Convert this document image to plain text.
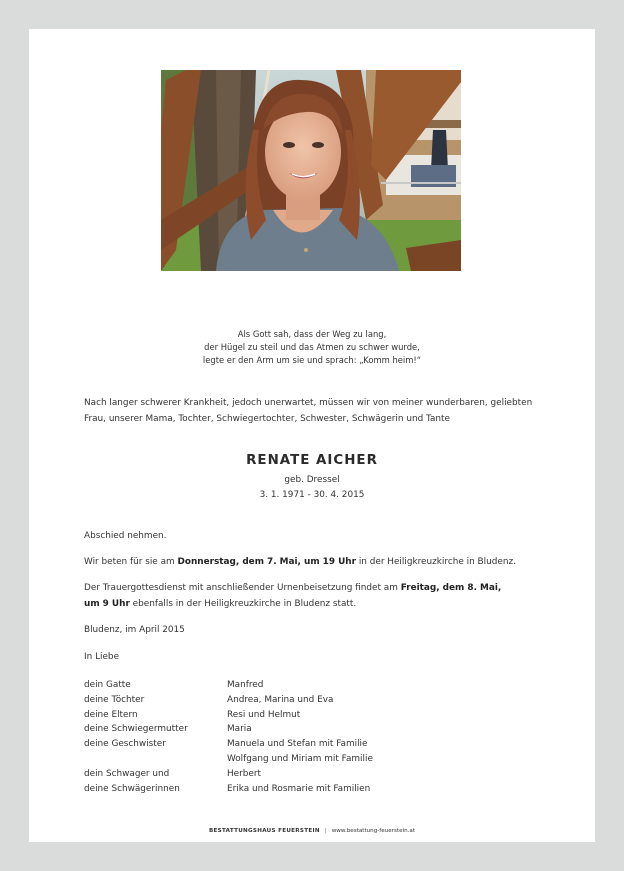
Als Gott sah, dass der Weg zu lang,
der Hügel zu steil und das Atmen zu schwer wurde,
legte er den Arm um sie und sprach: „Komm heim!“
Nach langer schwerer Krankheit, jedoch unerwartet, müssen wir von meiner wunderbaren, geliebten
Frau, unserer Mama, Tochter, Schwiegertochter, Schwester, Schwägerin und Tante
RENATE AICHER
geb. Dressel
3. 1. 1971 - 30. 4. 2015
Abschied nehmen.
Wir beten für sie am Donnerstag, dem 7. Mai, um 19 Uhr in der Heiligkreuzkirche in Bludenz.
Der Trauergottesdienst mit anschließender Urnenbeisetzung findet am Freitag, dem 8. Mai,
um 9 Uhr ebenfalls in der Heiligkreuzkirche in Bludenz statt.
Bludenz, im April 2015
In Liebe
dein Gatte	Manfred
deine Töchter	Andrea, Marina und Eva
deine Eltern	Resi und Helmut
deine Schwiegermutter	Maria
deine Geschwister	Manuela und Stefan mit Familie
Wolfgang und Miriam mit Familie
dein Schwager und	Herbert
deine Schwägerinnen	Erika und Rosmarie mit Familien
BESTATTUNGSHAUS FEUERSTEIN | www.bestattung-feuerstein.at
